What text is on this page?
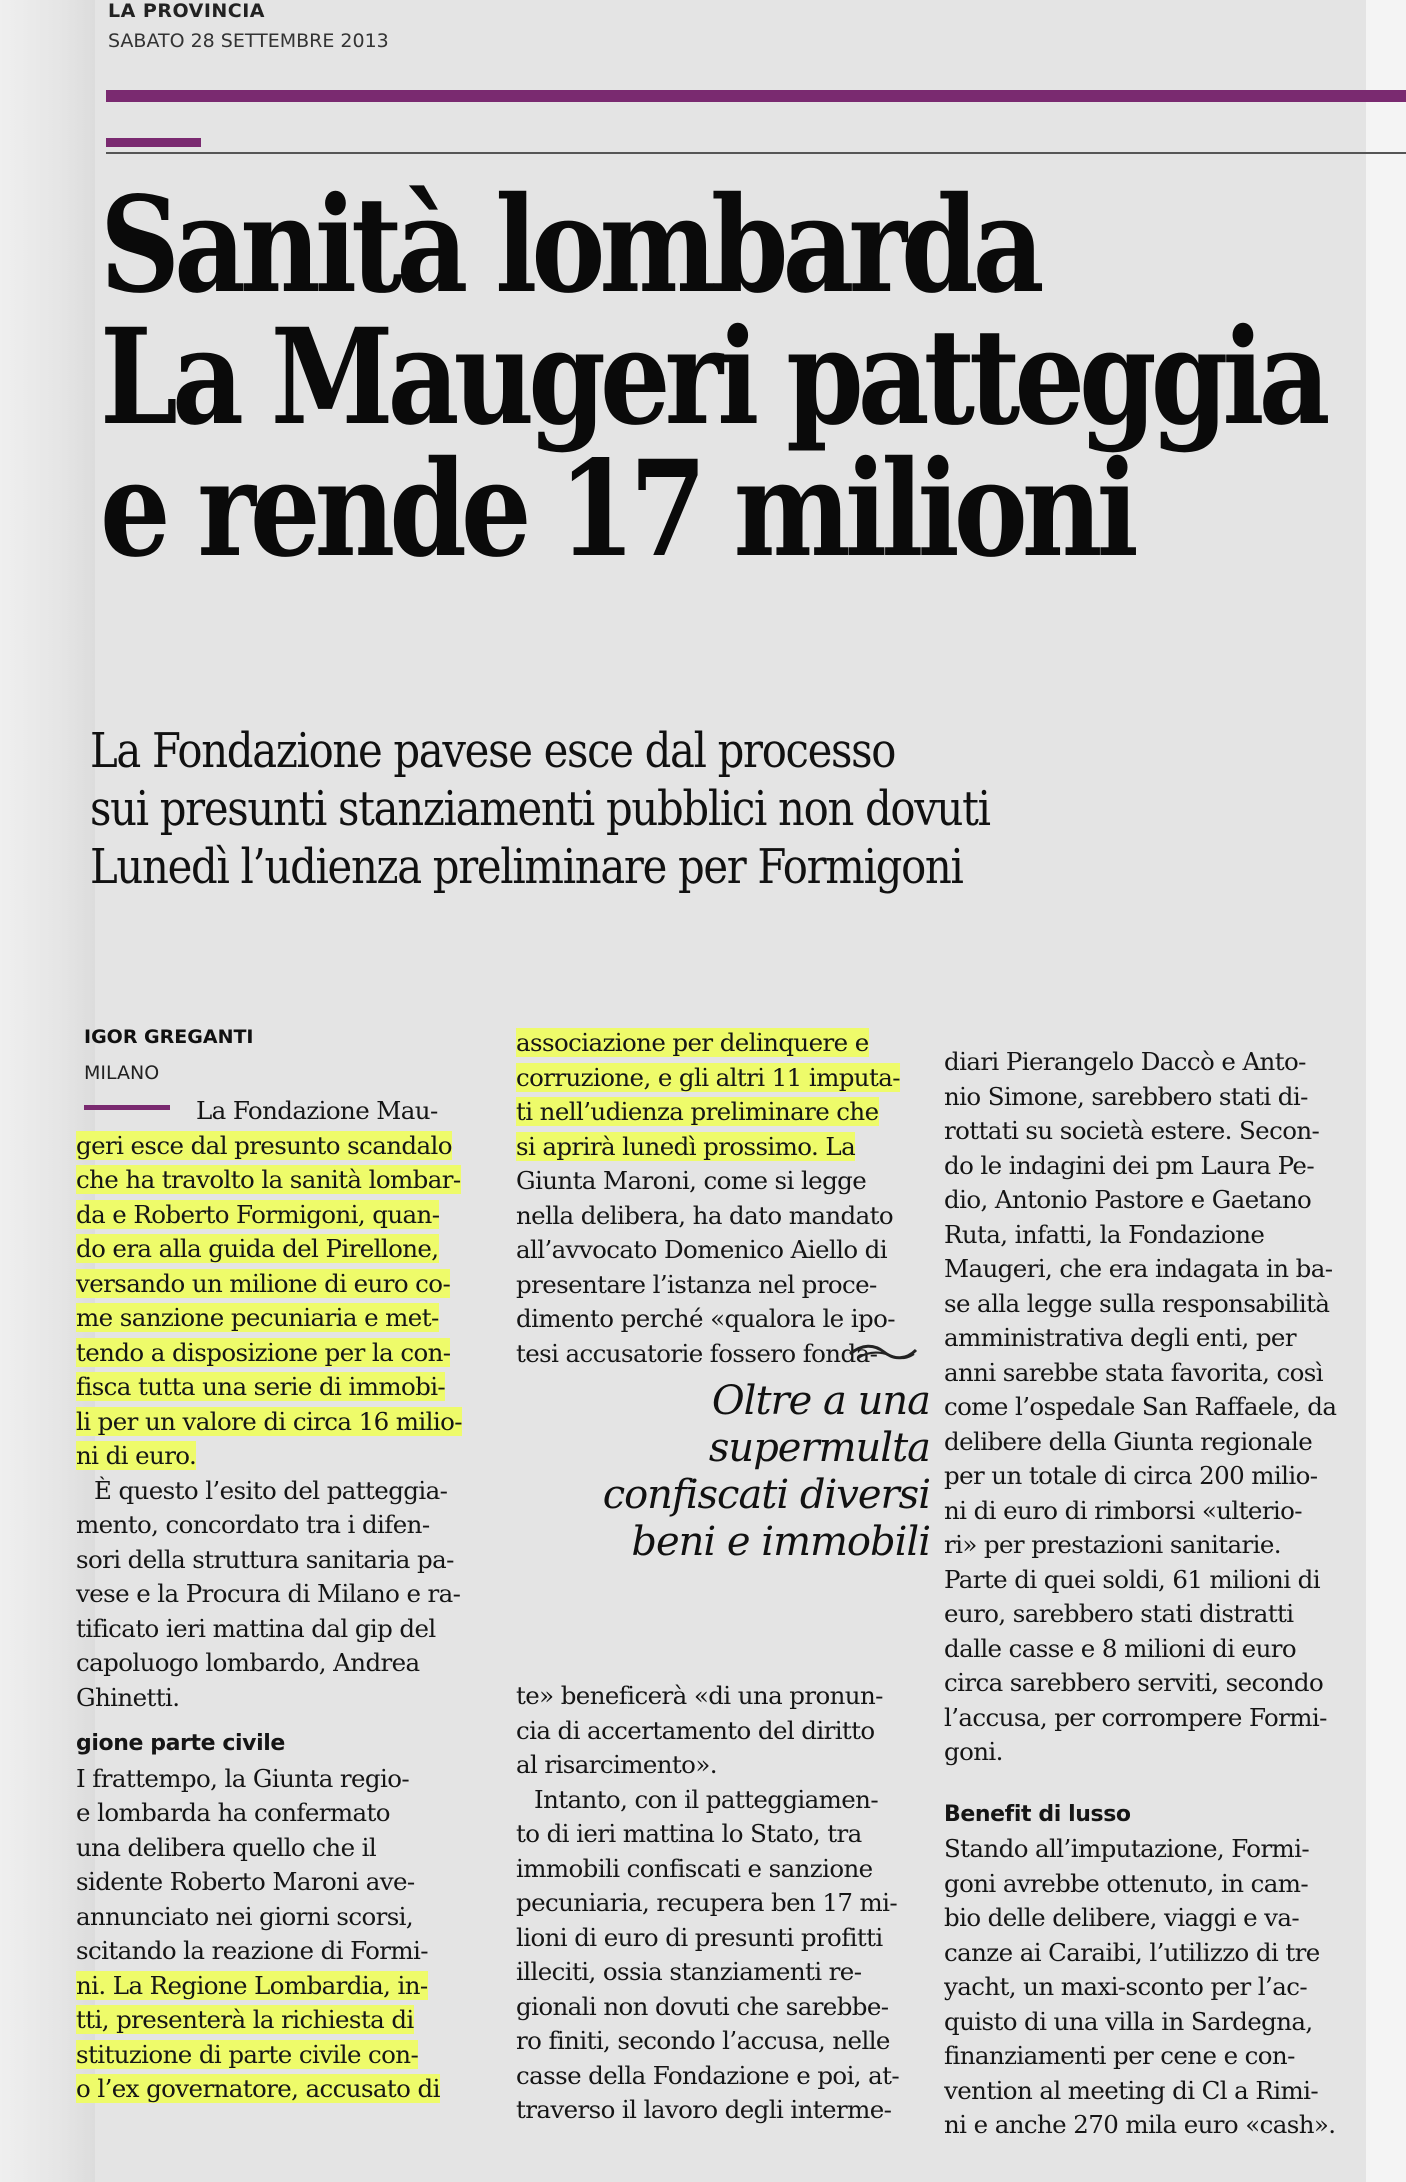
LA PROVINCIA
SABATO 28 SETTEMBRE 2013
Sanità lombarda
La Maugeri patteggia
e rende 17 milioni
La Fondazione pavese esce dal processo
sui presunti stanziamenti pubblici non dovuti
Lunedì l’udienza preliminare per Formigoni
IGOR GREGANTI
MILANO
La Fondazione Mau-
geri esce dal presunto scandalo
che ha travolto la sanità lombar-
da e Roberto Formigoni, quan-
do era alla guida del Pirellone,
versando un milione di euro co-
me sanzione pecuniaria e met-
tendo a disposizione per la con-
fisca tutta una serie di immobi-
li per un valore di circa 16 milio-
ni di euro.
È questo l’esito del patteggia-
mento, concordato tra i difen-
sori della struttura sanitaria pa-
vese e la Procura di Milano e ra-
tificato ieri mattina dal gip del
capoluogo lombardo, Andrea
Ghinetti.
gione parte civile
I frattempo, la Giunta regio-
e lombarda ha confermato
una delibera quello che il
sidente Roberto Maroni ave-
annunciato nei giorni scorsi,
scitando la reazione di Formi-
ni. La Regione Lombardia, in-
tti, presenterà la richiesta di
stituzione di parte civile con-
o l’ex governatore, accusato di
associazione per delinquere e
corruzione, e gli altri 11 imputa-
ti nell’udienza preliminare che
si aprirà lunedì prossimo. La
Giunta Maroni, come si legge
nella delibera, ha dato mandato
all’avvocato Domenico Aiello di
presentare l’istanza nel proce-
dimento perché «qualora le ipo-
tesi accusatorie fossero fonda-
te» beneficerà «di una pronun-
cia di accertamento del diritto
al risarcimento».
Intanto, con il patteggiamen-
to di ieri mattina lo Stato, tra
immobili confiscati e sanzione
pecuniaria, recupera ben 17 mi-
lioni di euro di presunti profitti
illeciti, ossia stanziamenti re-
gionali non dovuti che sarebbe-
ro finiti, secondo l’accusa, nelle
casse della Fondazione e poi, at-
traverso il lavoro degli interme-
Oltre a una
supermulta
confiscati diversi
beni e immobili
diari Pierangelo Daccò e Anto-
nio Simone, sarebbero stati di-
rottati su società estere. Secon-
do le indagini dei pm Laura Pe-
dio, Antonio Pastore e Gaetano
Ruta, infatti, la Fondazione
Maugeri, che era indagata in ba-
se alla legge sulla responsabilità
amministrativa degli enti, per
anni sarebbe stata favorita, così
come l’ospedale San Raffaele, da
delibere della Giunta regionale
per un totale di circa 200 milio-
ni di euro di rimborsi «ulterio-
ri» per prestazioni sanitarie.
Parte di quei soldi, 61 milioni di
euro, sarebbero stati distratti
dalle casse e 8 milioni di euro
circa sarebbero serviti, secondo
l’accusa, per corrompere Formi-
goni.
Benefit di lusso
Stando all’imputazione, Formi-
goni avrebbe ottenuto, in cam-
bio delle delibere, viaggi e va-
canze ai Caraibi, l’utilizzo di tre
yacht, un maxi-sconto per l’ac-
quisto di una villa in Sardegna,
finanziamenti per cene e con-
vention al meeting di Cl a Rimi-
ni e anche 270 mila euro «cash».
